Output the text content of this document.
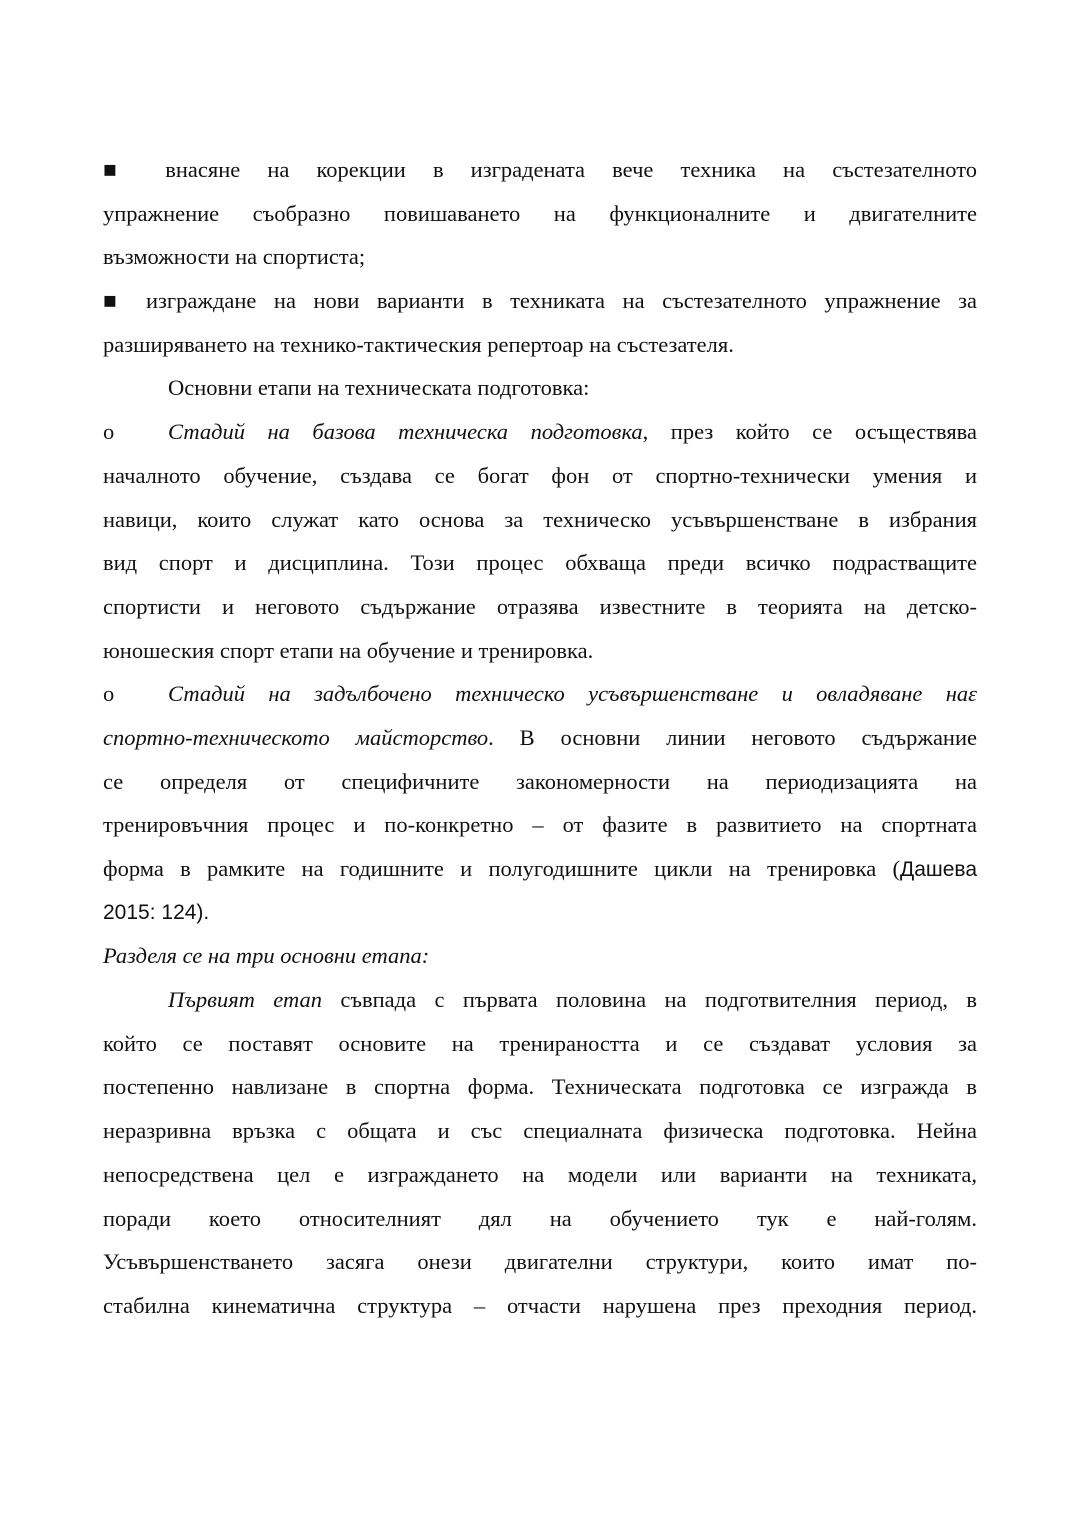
■ внасяне на корекции в изградената вече техника на състезателното
упражнение съобразно повишаването на функционалните и двигателните
възможности на спортиста;
■ изграждане на нови варианти в техниката на състезателното упражнение за
разширяването на технико-тактическия репертоар на състезателя.
Основни етапи на техническата подготовка:
o Стадий на базова техническа подготовка, през който се осъществява
началното обучение, създава се богат фон от спортно-технически умения и
навици, които служат като основа за техническо усъвършенстване в избрания
вид спорт и дисциплина. Този процес обхваща преди всичко подрастващите
спортисти и неговото съдържание отразява известните в теорията на детско-
юношеския спорт етапи на обучение и тренировка.
o Стадий на задълбочено техническо усъвършенстване и овладяване наɛ
спортно-техническото майсторство. В основни линии неговото съдържание
се определя от специфичните закономерности на периодизацията на
тренировъчния процес и по-конкретно – от фазите в развитието на спортната
форма в рамките на годишните и полугодишните цикли на тренировка (Дашева
2015: 124).
Разделя се на три основни етапа:
Първият етап съвпада с първата половина на подготвителния период, в
който се поставят основите на тренираността и се създават условия за
постепенно навлизане в спортна форма. Техническата подготовка се изгражда в
неразривна връзка с общата и със специалната физическа подготовка. Нейна
непосредствена цел е изграждането на модели или варианти на техниката,
поради което относителният дял на обучението тук е най-голям.
Усъвършенстването засяга онези двигателни структури, които имат по-
стабилна кинематична структура – отчасти нарушена през преходния период.
